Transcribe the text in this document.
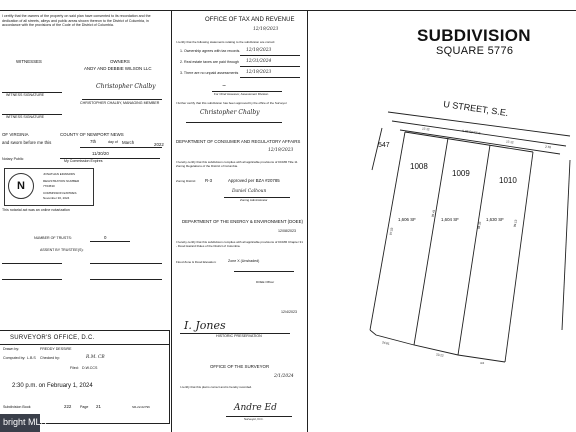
I certify that the owners of the property on said plan have consented to its recordation and the dedication of all streets, alleys and public areas shown thereon to the District of Columbia, in accordance with the provisions of the Code of the District of Columbia.
WITNESSES	OWNERS
ANDY AND DEBBIE WILSON LLC
WITNESS SIGNATURE
Christopher Chalby
CHRISTOPHER CHALBY, MANAGING MEMBER
WITNESS SIGNATURE
OF VIRGINIA	COUNTY OF NEWPORT NEWS
and sworn before me this	7th	day of March	2022
Notary Public
11/30/20
My Commission Expires
N
JONATHAN EDWARDS
REGISTRATION NUMBER
7764530
COMMISSION EXPIRES
November 30, 2024
This notarial act was an online notarization
NUMBER OF TRUSTS:	0
ASSENT BY TRUSTEE(S):
SURVEYOR'S OFFICE, D.C.
Drawn by:	FREDDY DESSIRE
Computed by: L.B.S Checked by:	R.M. CB
Filed: D.W.CCS
2:30 p.m. on February 1, 2024
Subdivision Book	222 Page 21	SR-22-02796
bright MLS
OFFICE OF TAX AND REVENUE
12/19/2023
I certify that the following statements relating to the subdivision are correct:
1. Ownership agrees with tax records. 12/19/2023
2. Real estate taxes are paid through 12/31/2024
3. There are no unpaid assessments 12/19/2023
~
For Chief Assessor, Assessment Division
I further certify that this subdivision has been approved by the office of the Surveyor
Christopher Chalby
DEPARTMENT OF CONSUMER AND REGULATORY AFFAIRS
12/19/2023
I hereby certify that this subdivision complies with all applicable provisions of DCMR Title 11 Zoning Regulations of the District of Columbia.
Zoning District: R-3	Approved per BZA #20785
Daniel Calhoun
Zoning Administrator
DEPARTMENT OF THE ENERGY & ENVIRONMENT (DOEE)
12/08/2023
I hereby certify that this subdivision complies with all applicable provisions of DCMR Chapter 31 - Flood Hazard Rules of the District of Columbia.
Flood Zone & Flood Elevation:	Zone X (Unshaded)
DOEE Officer
12/4/2023
I. Jones
HISTORIC PRESERVATION
OFFICE OF THE SURVEYOR
2/1/2024
I certify that this plat is correct and is hereby recorded.
Andre Ed
Surveyor, D.C.
SUBDIVISION
SQUARE 5776
U STREET, S.E.
547
1008
1009
1010
1,606 SF	1,604 SF	1,630 SF
17.12	S 86°59'42" E
17.12
2.78
97.53
95.41
98.33	99.13
24.61
23.22
4.0
